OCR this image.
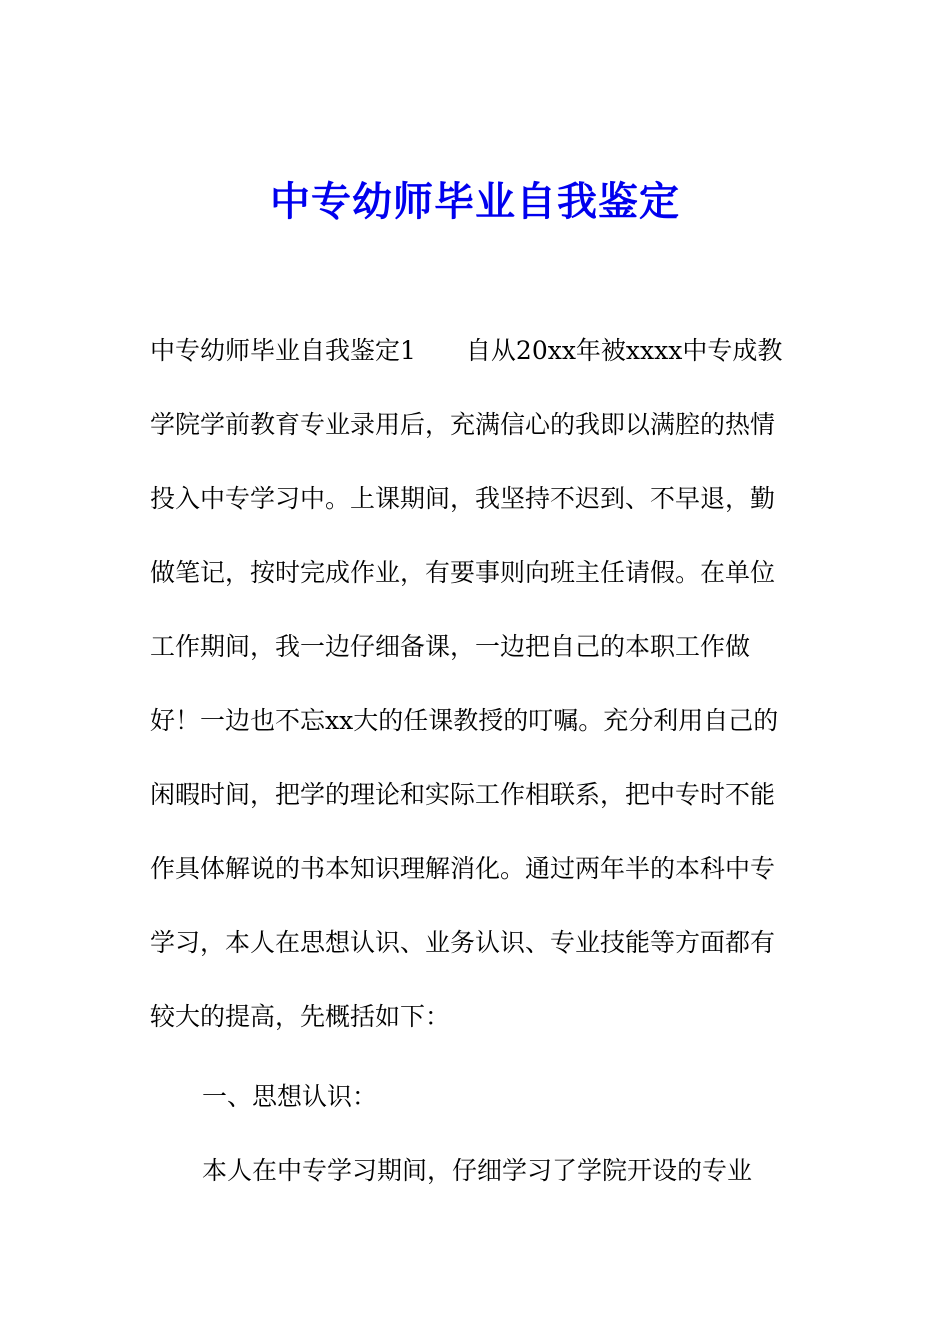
中专幼师毕业自我鉴定
中专幼师毕业自我鉴定1 自从20xx年被xxxx中专成教
学院学前教育专业录用后，充满信心的我即以满腔的热情
投入中专学习中。上课期间，我坚持不迟到、不早退，勤
做笔记，按时完成作业，有要事则向班主任请假。在单位
工作期间，我一边仔细备课，一边把自己的本职工作做
好！一边也不忘xx大的任课教授的叮嘱。充分利用自己的
闲暇时间，把学的理论和实际工作相联系，把中专时不能
作具体解说的书本知识理解消化。通过两年半的本科中专
学习，本人在思想认识、业务认识、专业技能等方面都有
较大的提高，先概括如下：
一、思想认识：
本人在中专学习期间，仔细学习了学院开设的专业
